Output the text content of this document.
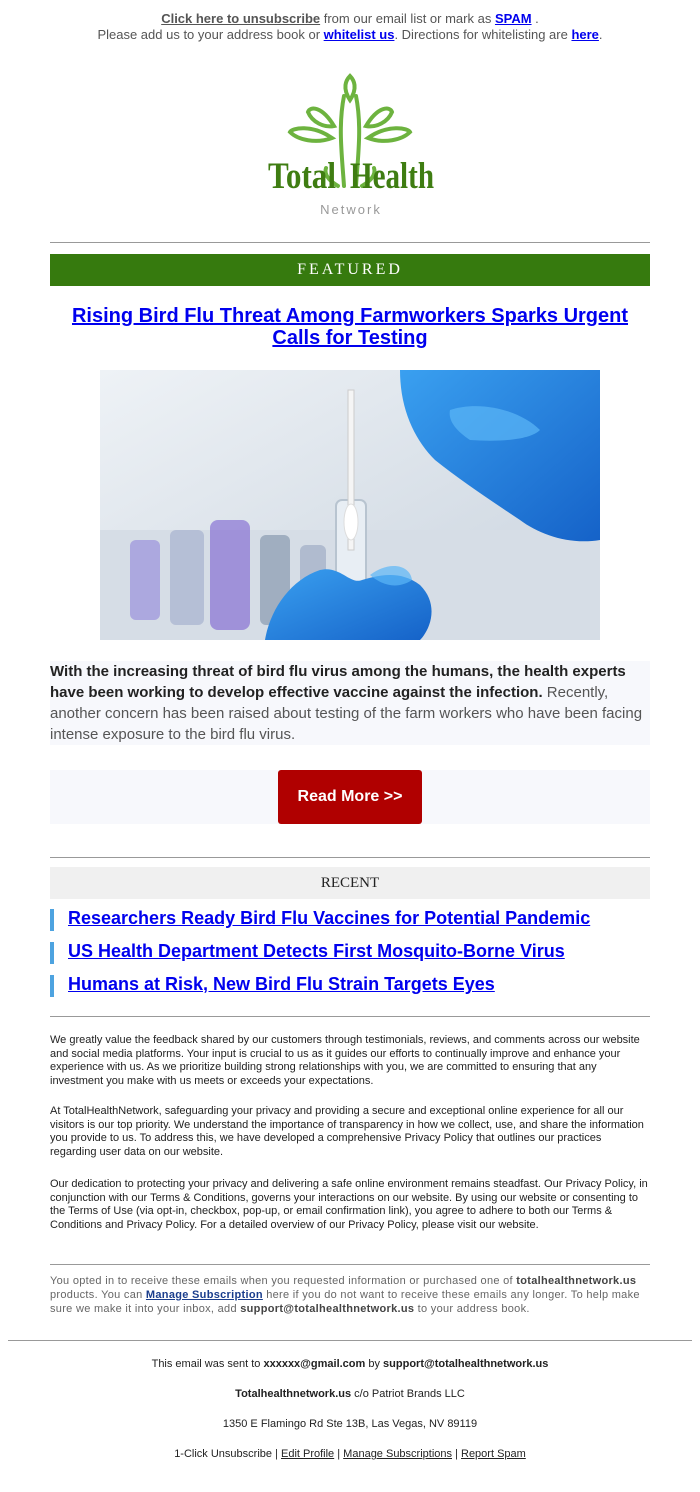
Click here to unsubscribe from our email list or mark as SPAM .
Please add us to your address book or whitelist us. Directions for whitelisting are here.
Total Health
Network
FEATURED
Rising Bird Flu Threat Among Farmworkers Sparks Urgent Calls for Testing

With the increasing threat of bird flu virus among the humans, the health experts have been working to develop effective vaccine against the infection. Recently, another concern has been raised about testing of the farm workers who have been facing intense exposure to the bird flu virus.

Read More >>
RECENT
Researchers Ready Bird Flu Vaccines for Potential Pandemic
US Health Department Detects First Mosquito-Borne Virus
Humans at Risk, New Bird Flu Strain Targets Eyes

We greatly value the feedback shared by our customers through testimonials, reviews, and comments across our website and social media platforms. Your input is crucial to us as it guides our efforts to continually improve and enhance your experience with us. As we prioritize building strong relationships with you, we are committed to ensuring that any investment you make with us meets or exceeds your expectations.

At TotalHealthNetwork, safeguarding your privacy and providing a secure and exceptional online experience for all our visitors is our top priority. We understand the importance of transparency in how we collect, use, and share the information you provide to us. To address this, we have developed a comprehensive Privacy Policy that outlines our practices regarding user data on our website.

Our dedication to protecting your privacy and delivering a safe online environment remains steadfast. Our Privacy Policy, in conjunction with our Terms & Conditions, governs your interactions on our website. By using our website or consenting to the Terms of Use (via opt-in, checkbox, pop-up, or email confirmation link), you agree to adhere to both our Terms & Conditions and Privacy Policy. For a detailed overview of our Privacy Policy, please visit our website.

You opted in to receive these emails when you requested information or purchased one of totalhealthnetwork.us products. You can Manage Subscription here if you do not want to receive these emails any longer. To help make sure we make it into your inbox, add support@totalhealthnetwork.us to your address book.
This email was sent to xxxxxx@gmail.com by support@totalhealthnetwork.us
Totalhealthnetwork.us c/o Patriot Brands LLC
1350 E Flamingo Rd Ste 13B, Las Vegas, NV 89119
1-Click Unsubscribe | Edit Profile | Manage Subscriptions | Report Spam
